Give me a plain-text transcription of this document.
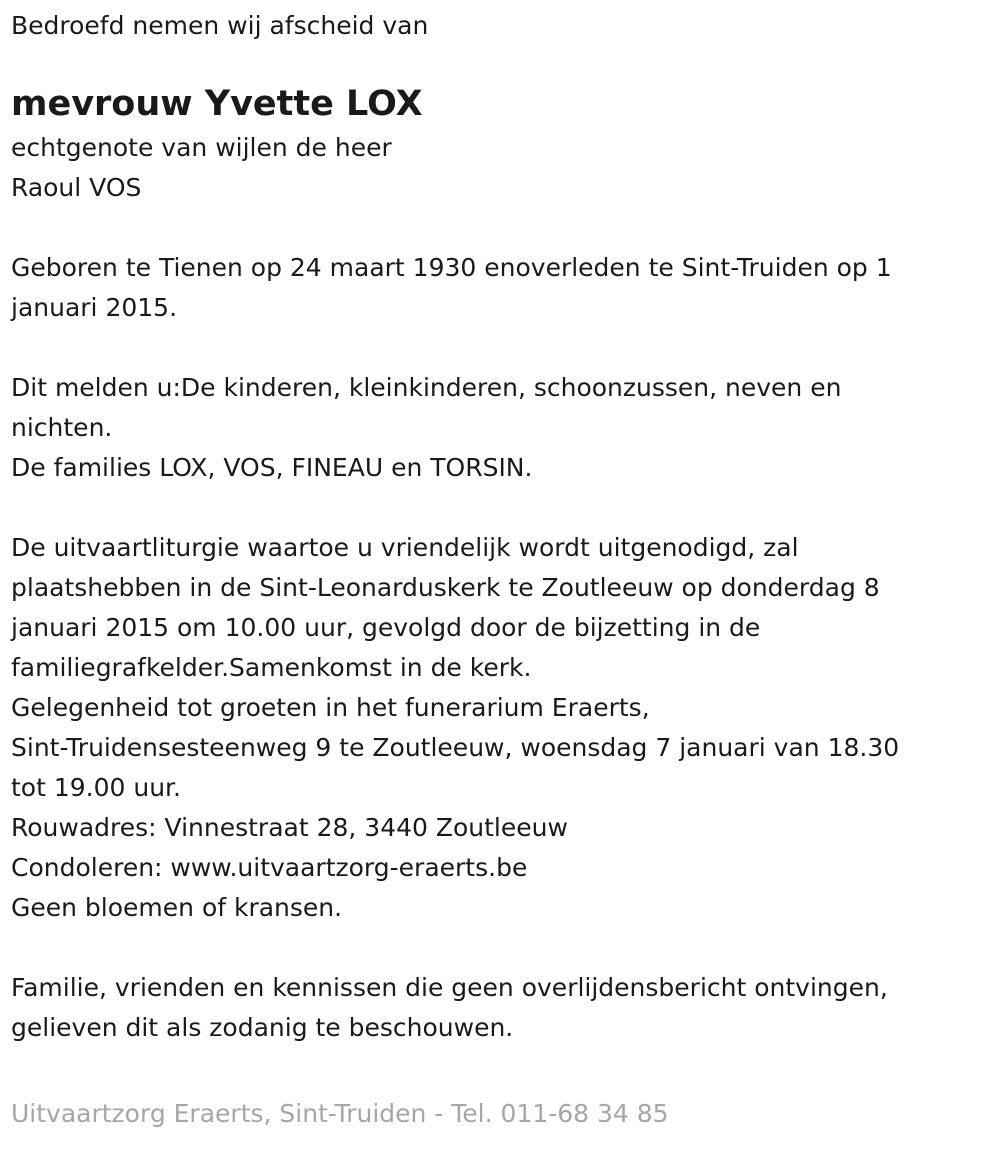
Bedroefd nemen wij afscheid van
mevrouw Yvette LOX
echtgenote van wijlen de heer
Raoul VOS
Geboren te Tienen op 24 maart 1930 enoverleden te Sint-Truiden op 1
januari 2015.
Dit melden u:De kinderen, kleinkinderen, schoonzussen, neven en
nichten.
De families LOX, VOS, FINEAU en TORSIN.
De uitvaartliturgie waartoe u vriendelijk wordt uitgenodigd, zal
plaatshebben in de Sint-Leonarduskerk te Zoutleeuw op donderdag 8
januari 2015 om 10.00 uur, gevolgd door de bijzetting in de
familiegrafkelder.Samenkomst in de kerk.
Gelegenheid tot groeten in het funerarium Eraerts,
Sint-Truidensesteenweg 9 te Zoutleeuw, woensdag 7 januari van 18.30
tot 19.00 uur.
Rouwadres: Vinnestraat 28, 3440 Zoutleeuw
Condoleren: www.uitvaartzorg-eraerts.be
Geen bloemen of kransen.
Familie, vrienden en kennissen die geen overlijdensbericht ontvingen,
gelieven dit als zodanig te beschouwen.
Uitvaartzorg Eraerts, Sint-Truiden - Tel. 011-68 34 85
